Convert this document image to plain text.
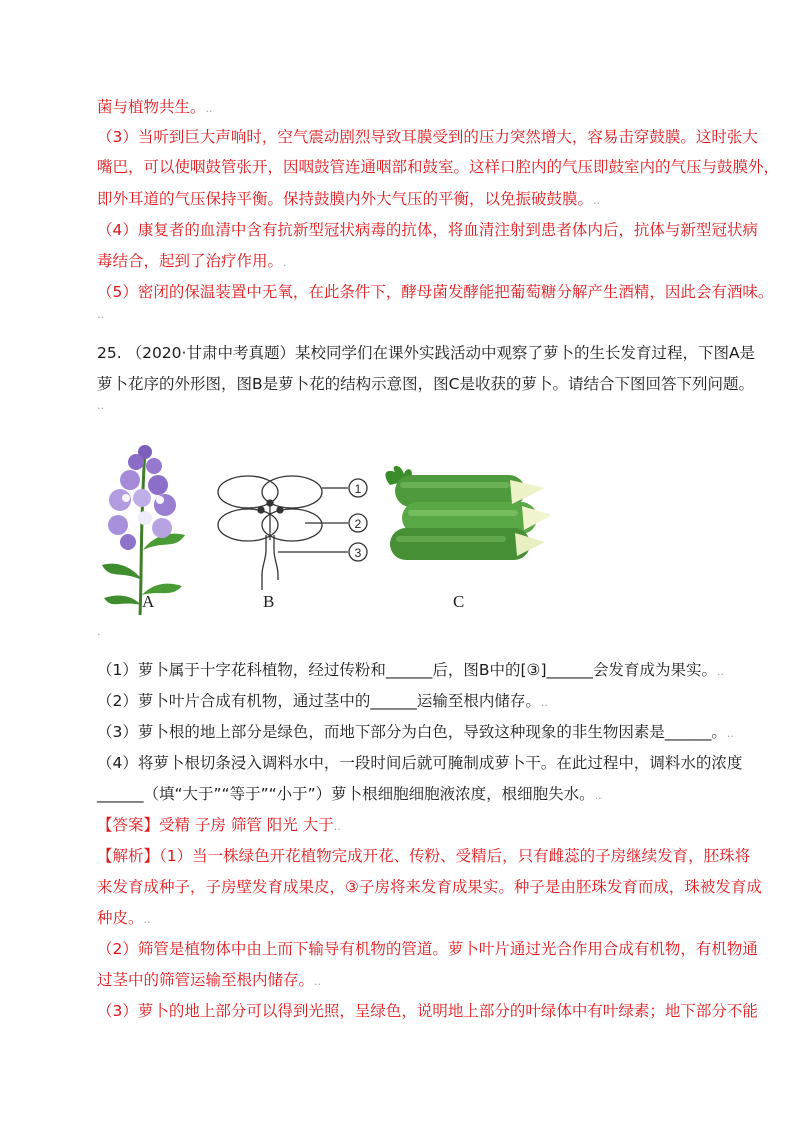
菌与植物共生。..
（3）当听到巨大声响时，空气震动剧烈导致耳膜受到的压力突然增大，容易击穿鼓膜。这时张大
嘴巴，可以使咽鼓管张开，因咽鼓管连通咽部和鼓室。这样口腔内的气压即鼓室内的气压与鼓膜外，
即外耳道的气压保持平衡。保持鼓膜内外大气压的平衡，以免振破鼓膜。..
（4）康复者的血清中含有抗新型冠状病毒的抗体，将血清注射到患者体内后，抗体与新型冠状病
毒结合，起到了治疗作用。.
（5）密闭的保温装置中无氧，在此条件下，酵母菌发酵能把葡萄糖分解产生酒精，因此会有酒味。
..
25. （2020·甘肃中考真题）某校同学们在课外实践活动中观察了萝卜的生长发育过程，下图A是
萝卜花序的外形图，图B是萝卜花的结构示意图，图C是收获的萝卜。请结合下图回答下列问题。
..
A
1
2
3
B	C
.
（1）萝卜属于十字花科植物，经过传粉和______后，图B中的[③]______会发育成为果实。..
（2）萝卜叶片合成有机物，通过茎中的______运输至根内储存。..
（3）萝卜根的地上部分是绿色，而地下部分为白色，导致这种现象的非生物因素是______。..
（4）将萝卜根切条浸入调料水中，一段时间后就可腌制成萝卜干。在此过程中，调料水的浓度
______（填“大于”“等于”“小于”）萝卜根细胞细胞液浓度，根细胞失水。..
【答案】受精 子房 筛管 阳光 大于..
【解析】（1）当一株绿色开花植物完成开花、传粉、受精后，只有雌蕊的子房继续发育，胚珠将
来发育成种子，子房壁发育成果皮，③子房将来发育成果实。种子是由胚珠发育而成，珠被发育成
种皮。..
（2）筛管是植物体中由上而下输导有机物的管道。萝卜叶片通过光合作用合成有机物，有机物通
过茎中的筛管运输至根内储存。..
（3）萝卜的地上部分可以得到光照，呈绿色，说明地上部分的叶绿体中有叶绿素；地下部分不能
